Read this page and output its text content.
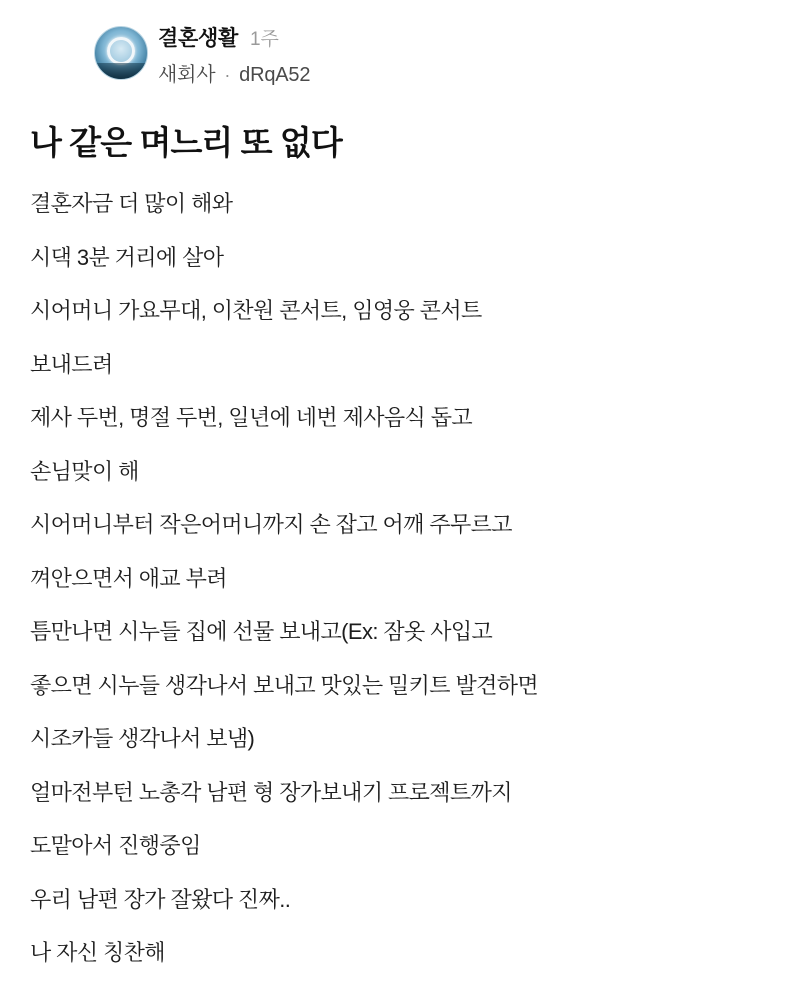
결혼생활 1주
새회사 · dRqA52
나 같은 며느리 또 없다

결혼자금 더 많이 해와

시댁 3분 거리에 살아

시어머니 가요무대, 이찬원 콘서트, 임영웅 콘서트

보내드려

제사 두번, 명절 두번, 일년에 네번 제사음식 돕고

손님맞이 해

시어머니부터 작은어머니까지 손 잡고 어깨 주무르고

껴안으면서 애교 부려

틈만나면 시누들 집에 선물 보내고(Ex: 잠옷 사입고

좋으면 시누들 생각나서 보내고 맛있는 밀키트 발견하면

시조카들 생각나서 보냄)

얼마전부턴 노총각 남편 형 장가보내기 프로젝트까지

도맡아서 진행중임

우리 남편 장가 잘왔다 진짜..

나 자신 칭찬해
